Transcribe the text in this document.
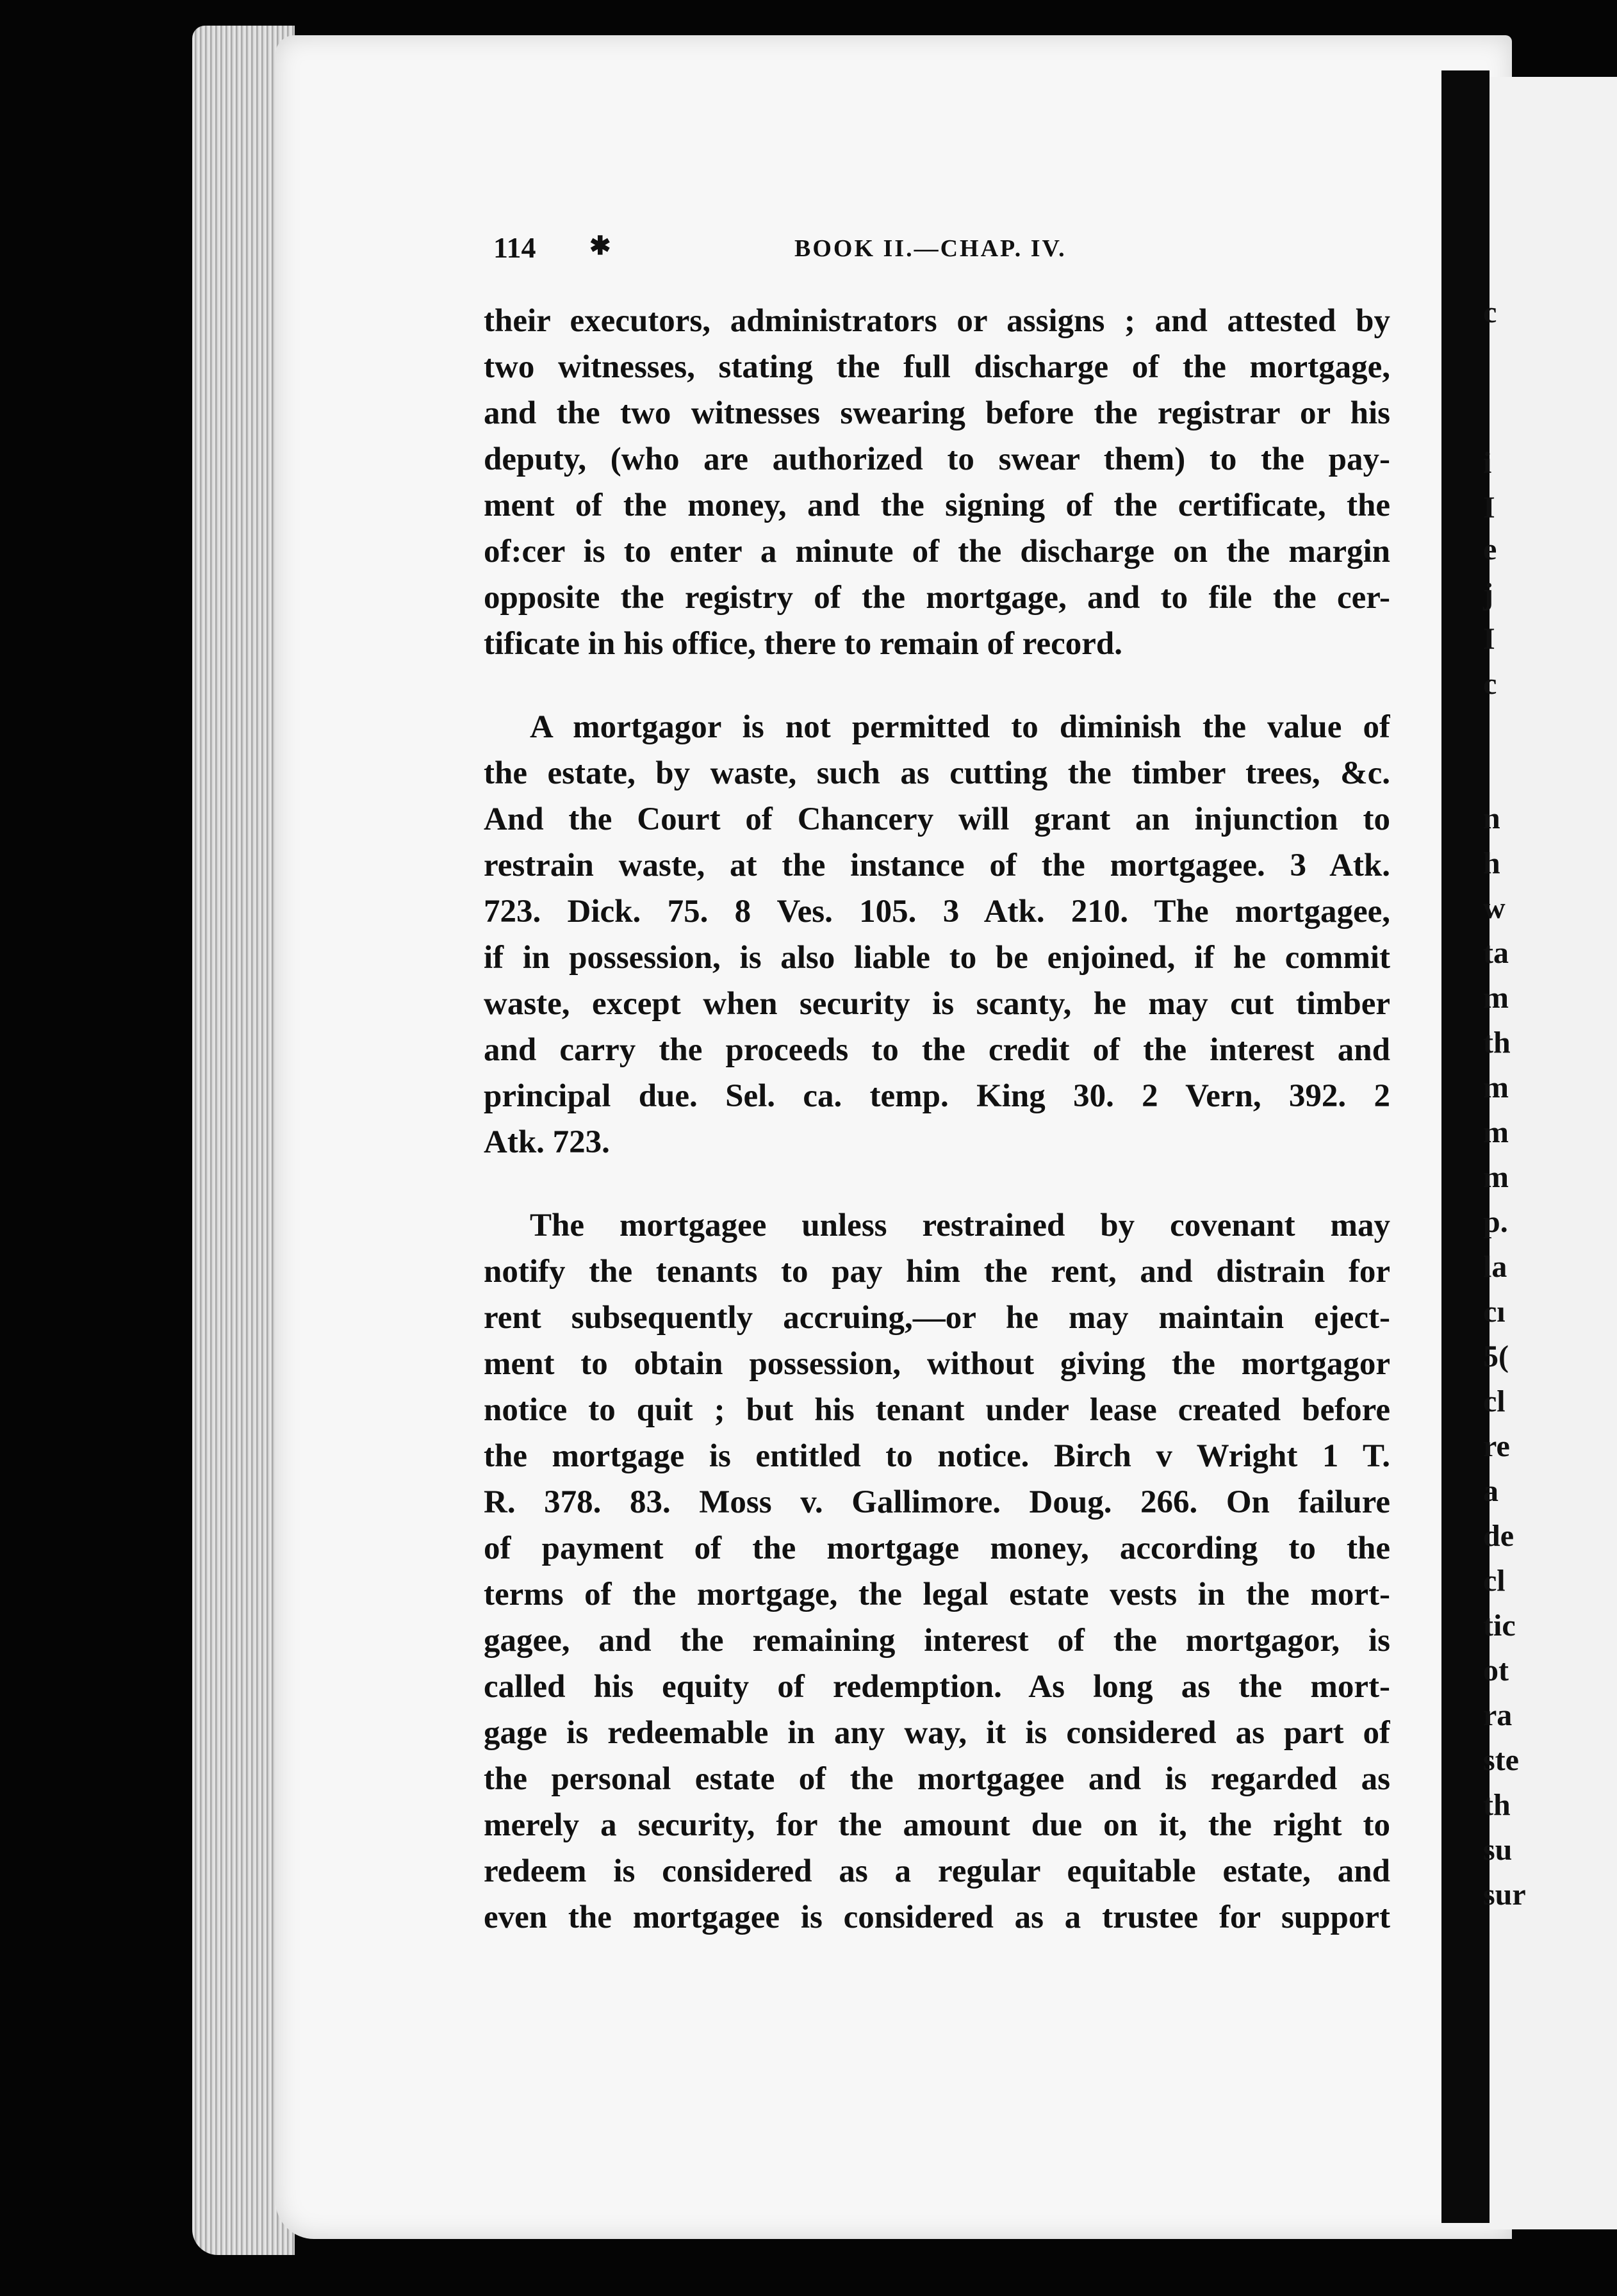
c
i
I
e
j
I
c
n
h
w
ta
m
th
m
m
m
p.
la
cı
5(
cl
re
a
de
cl
tic
ot
ra
ste
th
su
sur
114 ✱	BOOK II.—CHAP. IV.
their executors, administrators or assigns ; and attested by
two witnesses, stating the full discharge of the mortgage,
and the two witnesses swearing before the registrar or his
deputy, (who are authorized to swear them) to the pay-
ment of the money, and the signing of the certificate, the
of:cer is to enter a minute of the discharge on the margin
opposite the registry of the mortgage, and to file the cer-
tificate in his office, there to remain of record.
A mortgagor is not permitted to diminish the value of
the estate, by waste, such as cutting the timber trees, &c.
And the Court of Chancery will grant an injunction to
restrain waste, at the instance of the mortgagee. 3 Atk.
723. Dick. 75. 8 Ves. 105. 3 Atk. 210. The mortgagee,
if in possession, is also liable to be enjoined, if he commit
waste, except when security is scanty, he may cut timber
and carry the proceeds to the credit of the interest and
principal due. Sel. ca. temp. King 30. 2 Vern, 392. 2
Atk. 723.
The mortgagee unless restrained by covenant may
notify the tenants to pay him the rent, and distrain for
rent subsequently accruing,—or he may maintain eject-
ment to obtain possession, without giving the mortgagor
notice to quit ; but his tenant under lease created before
the mortgage is entitled to notice. Birch v Wright 1 T.
R. 378. 83. Moss v. Gallimore. Doug. 266. On failure
of payment of the mortgage money, according to the
terms of the mortgage, the legal estate vests in the mort-
gagee, and the remaining interest of the mortgagor, is
called his equity of redemption. As long as the mort-
gage is redeemable in any way, it is considered as part of
the personal estate of the mortgagee and is regarded as
merely a security, for the amount due on it, the right to
redeem is considered as a regular equitable estate, and
even the mortgagee is considered as a trustee for support
